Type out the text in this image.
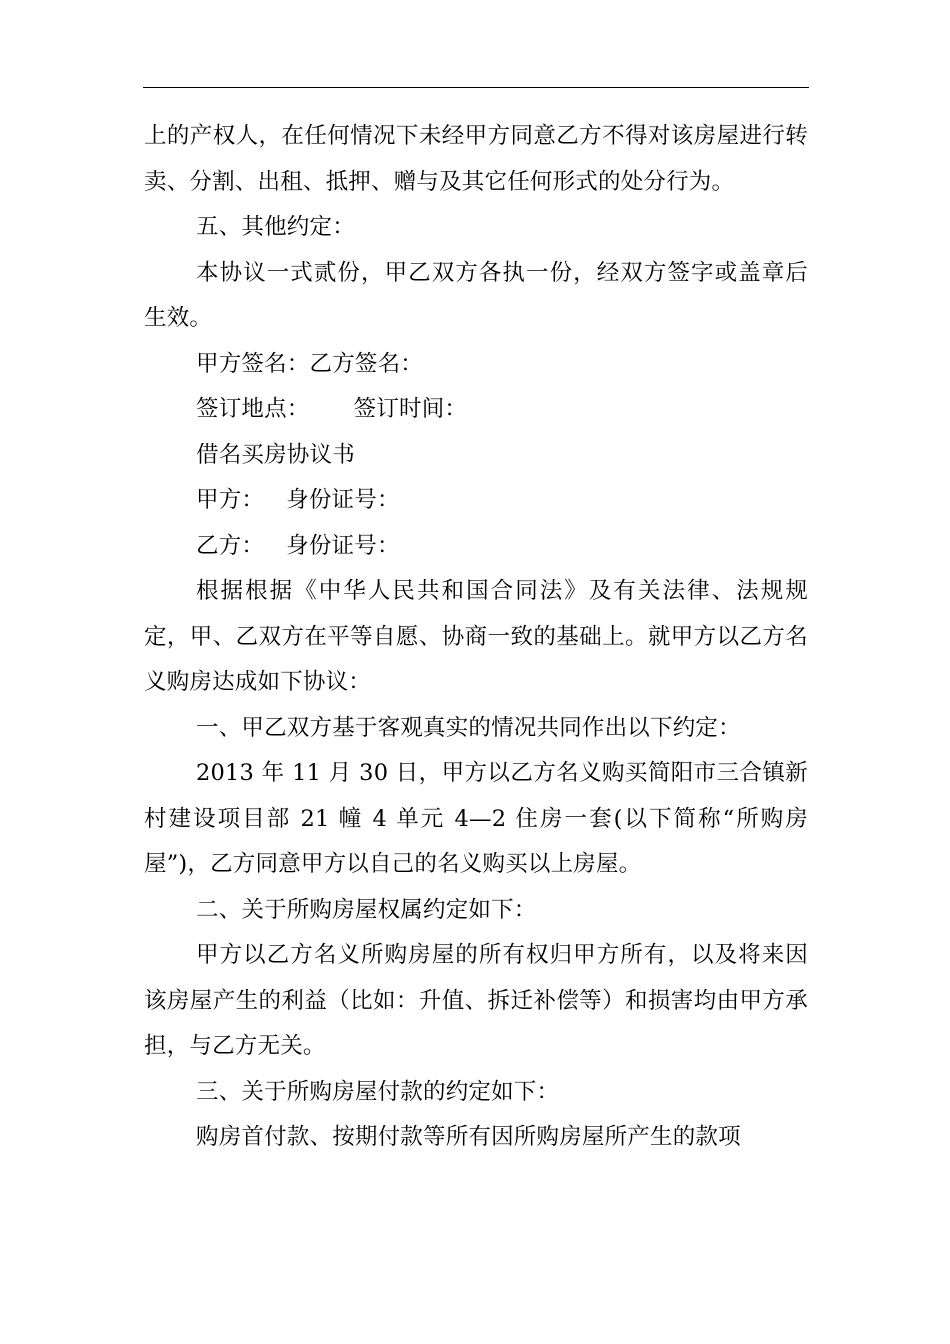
上的产权人，在任何情况下未经甲方同意乙方不得对该房屋进行转卖、分割、出租、抵押、赠与及其它任何形式的处分行为。

五、其他约定：

本协议一式贰份，甲乙双方各执一份，经双方签字或盖章后生效。

甲方签名：乙方签名：

签订地点：      签订时间：

借名买房协议书

甲方：   身份证号：

乙方：   身份证号：

根据根据《中华人民共和国合同法》及有关法律、法规规定，甲、乙双方在平等自愿、协商一致的基础上。就甲方以乙方名义购房达成如下协议：

一、甲乙双方基于客观真实的情况共同作出以下约定：

2013 年 11 月 30 日，甲方以乙方名义购买简阳市三合镇新村建设项目部 21 幢 4 单元 4—2 住房一套(以下简称“所购房屋”)，乙方同意甲方以自己的名义购买以上房屋。

二、关于所购房屋权属约定如下：

甲方以乙方名义所购房屋的所有权归甲方所有，以及将来因该房屋产生的利益（比如：升值、拆迁补偿等）和损害均由甲方承担，与乙方无关。

三、关于所购房屋付款的约定如下：

购房首付款、按期付款等所有因所购房屋所产生的款项
